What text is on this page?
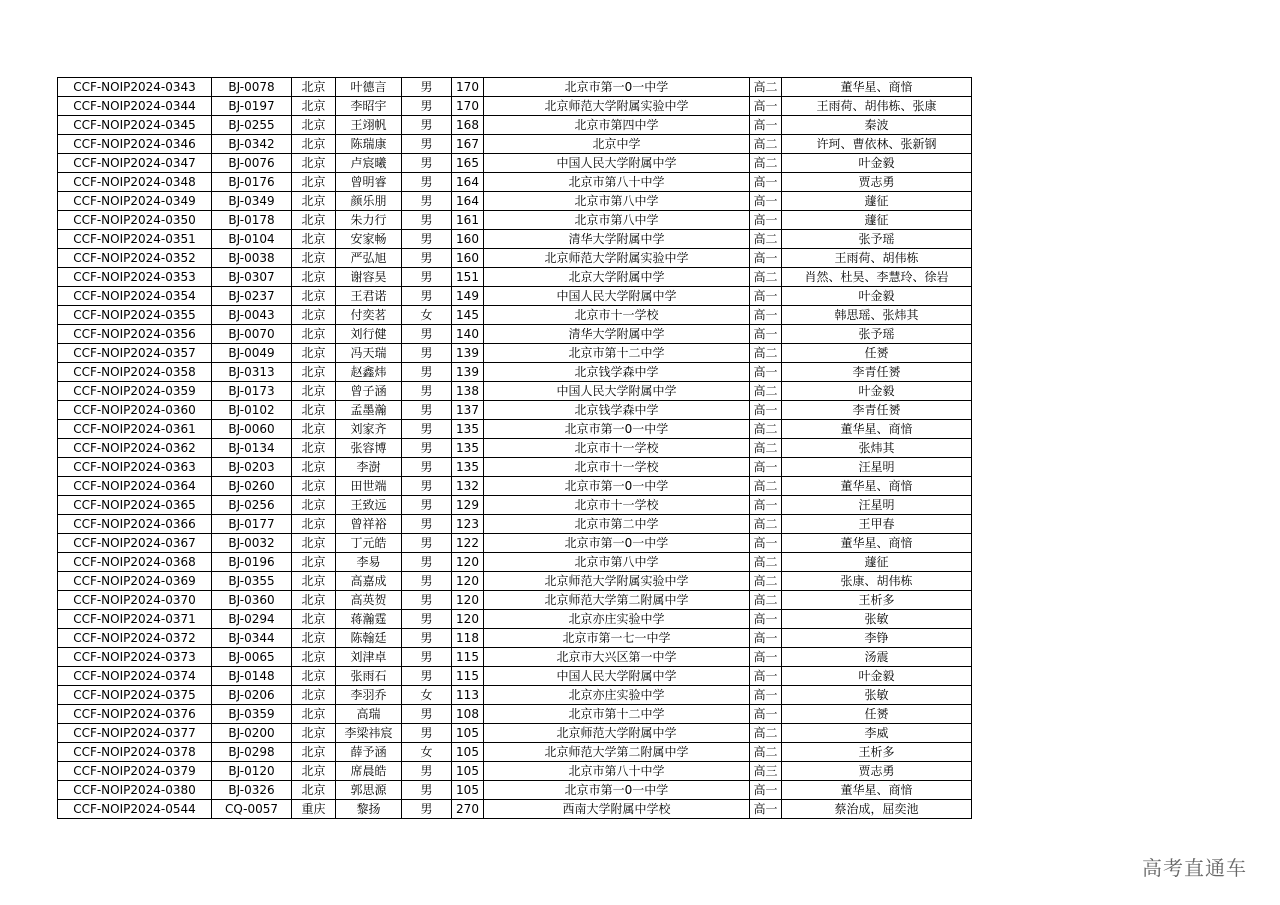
CCF-NOIP2024-0343	BJ-0078	北京	叶德言	男	170	北京市第一0一中学	高二	董华星、商愔
CCF-NOIP2024-0344	BJ-0197	北京	李昭宇	男	170	北京师范大学附属实验中学	高一	王雨荷、胡伟栋、张康
CCF-NOIP2024-0345	BJ-0255	北京	王翊帆	男	168	北京市第四中学	高一	秦波
CCF-NOIP2024-0346	BJ-0342	北京	陈瑞康	男	167	北京中学	高二	许珂、曹依林、张新钢
CCF-NOIP2024-0347	BJ-0076	北京	卢宸曦	男	165	中国人民大学附属中学	高二	叶金毅
CCF-NOIP2024-0348	BJ-0176	北京	曾明睿	男	164	北京市第八十中学	高一	贾志勇
CCF-NOIP2024-0349	BJ-0349	北京	颜乐朋	男	164	北京市第八中学	高一	蘧征
CCF-NOIP2024-0350	BJ-0178	北京	朱力行	男	161	北京市第八中学	高一	蘧征
CCF-NOIP2024-0351	BJ-0104	北京	安家畅	男	160	清华大学附属中学	高二	张予瑶
CCF-NOIP2024-0352	BJ-0038	北京	严弘旭	男	160	北京师范大学附属实验中学	高一	王雨荷、胡伟栋
CCF-NOIP2024-0353	BJ-0307	北京	谢容昊	男	151	北京大学附属中学	高二	肖然、杜昊、李慧玲、徐岩
CCF-NOIP2024-0354	BJ-0237	北京	王君诺	男	149	中国人民大学附属中学	高一	叶金毅
CCF-NOIP2024-0355	BJ-0043	北京	付奕茗	女	145	北京市十一学校	高一	韩思瑶、张炜其
CCF-NOIP2024-0356	BJ-0070	北京	刘行健	男	140	清华大学附属中学	高一	张予瑶
CCF-NOIP2024-0357	BJ-0049	北京	冯天瑞	男	139	北京市第十二中学	高二	任赟
CCF-NOIP2024-0358	BJ-0313	北京	赵鑫炜	男	139	北京钱学森中学	高一	李青任赟
CCF-NOIP2024-0359	BJ-0173	北京	曾子涵	男	138	中国人民大学附属中学	高二	叶金毅
CCF-NOIP2024-0360	BJ-0102	北京	孟墨瀚	男	137	北京钱学森中学	高一	李青任赟
CCF-NOIP2024-0361	BJ-0060	北京	刘家齐	男	135	北京市第一0一中学	高二	董华星、商愔
CCF-NOIP2024-0362	BJ-0134	北京	张容博	男	135	北京市十一学校	高二	张炜其
CCF-NOIP2024-0363	BJ-0203	北京	李澍	男	135	北京市十一学校	高一	汪星明
CCF-NOIP2024-0364	BJ-0260	北京	田世端	男	132	北京市第一0一中学	高二	董华星、商愔
CCF-NOIP2024-0365	BJ-0256	北京	王致远	男	129	北京市十一学校	高一	汪星明
CCF-NOIP2024-0366	BJ-0177	北京	曾祥裕	男	123	北京市第二中学	高二	王甲春
CCF-NOIP2024-0367	BJ-0032	北京	丁元皓	男	122	北京市第一0一中学	高一	董华星、商愔
CCF-NOIP2024-0368	BJ-0196	北京	李易	男	120	北京市第八中学	高二	蘧征
CCF-NOIP2024-0369	BJ-0355	北京	高嘉成	男	120	北京师范大学附属实验中学	高二	张康、胡伟栋
CCF-NOIP2024-0370	BJ-0360	北京	高英贺	男	120	北京师范大学第二附属中学	高二	王析多
CCF-NOIP2024-0371	BJ-0294	北京	蒋瀚霆	男	120	北京亦庄实验中学	高一	张敏
CCF-NOIP2024-0372	BJ-0344	北京	陈翰廷	男	118	北京市第一七一中学	高一	李铮
CCF-NOIP2024-0373	BJ-0065	北京	刘津卓	男	115	北京市大兴区第一中学	高一	汤震
CCF-NOIP2024-0374	BJ-0148	北京	张雨石	男	115	中国人民大学附属中学	高一	叶金毅
CCF-NOIP2024-0375	BJ-0206	北京	李羽乔	女	113	北京亦庄实验中学	高一	张敏
CCF-NOIP2024-0376	BJ-0359	北京	高瑞	男	108	北京市第十二中学	高一	任赟
CCF-NOIP2024-0377	BJ-0200	北京	李梁祎宸	男	105	北京师范大学附属中学	高二	李威
CCF-NOIP2024-0378	BJ-0298	北京	薛予涵	女	105	北京师范大学第二附属中学	高二	王析多
CCF-NOIP2024-0379	BJ-0120	北京	席晨皓	男	105	北京市第八十中学	高三	贾志勇
CCF-NOIP2024-0380	BJ-0326	北京	郭思源	男	105	北京市第一0一中学	高一	董华星、商愔
CCF-NOIP2024-0544	CQ-0057	重庆	黎扬	男	270	西南大学附属中学校	高一	蔡治成，屈奕池
高考直通车
